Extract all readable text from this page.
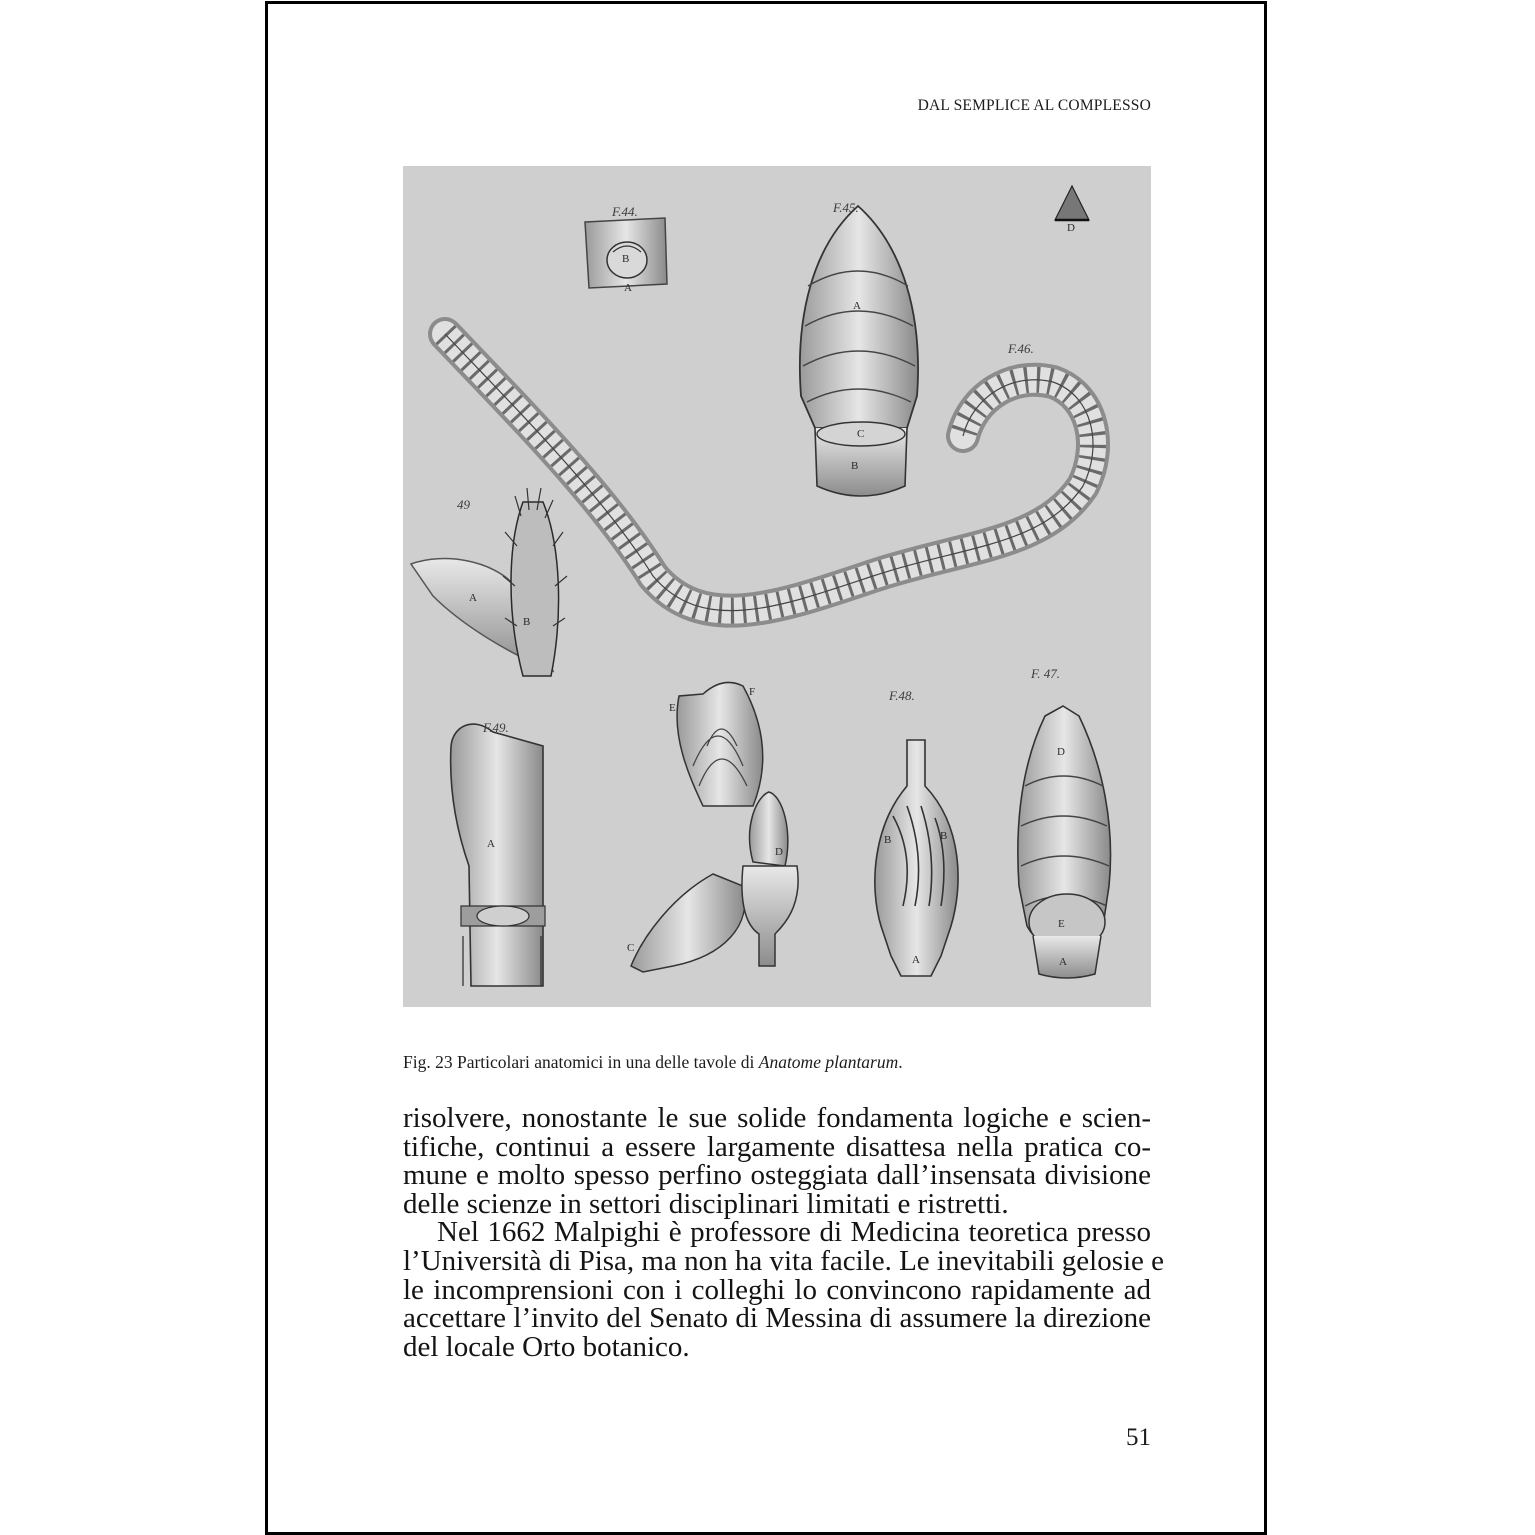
DAL SEMPLICE AL COMPLESSO
F.44.	F.45.
F.46.
49
F.49.
F.48.
F. 47.
B
A
A
B
C
D
A
B
A
E
F
C
D
B	B
A
D
E
A
Fig. 23 Particolari anatomici in una delle tavole di Anatome plantarum.
risolvere, nonostante le sue solide fondamenta logiche e scien-
tifiche, continui a essere largamente disattesa nella pratica co-
mune e molto spesso perfino osteggiata dall’insensata divisione
delle scienze in settori disciplinari limitati e ristretti.
Nel 1662 Malpighi è professore di Medicina teoretica presso
l’Università di Pisa, ma non ha vita facile. Le inevitabili gelosie e
le incomprensioni con i colleghi lo convincono rapidamente ad
accettare l’invito del Senato di Messina di assumere la direzione
del locale Orto botanico.
51
